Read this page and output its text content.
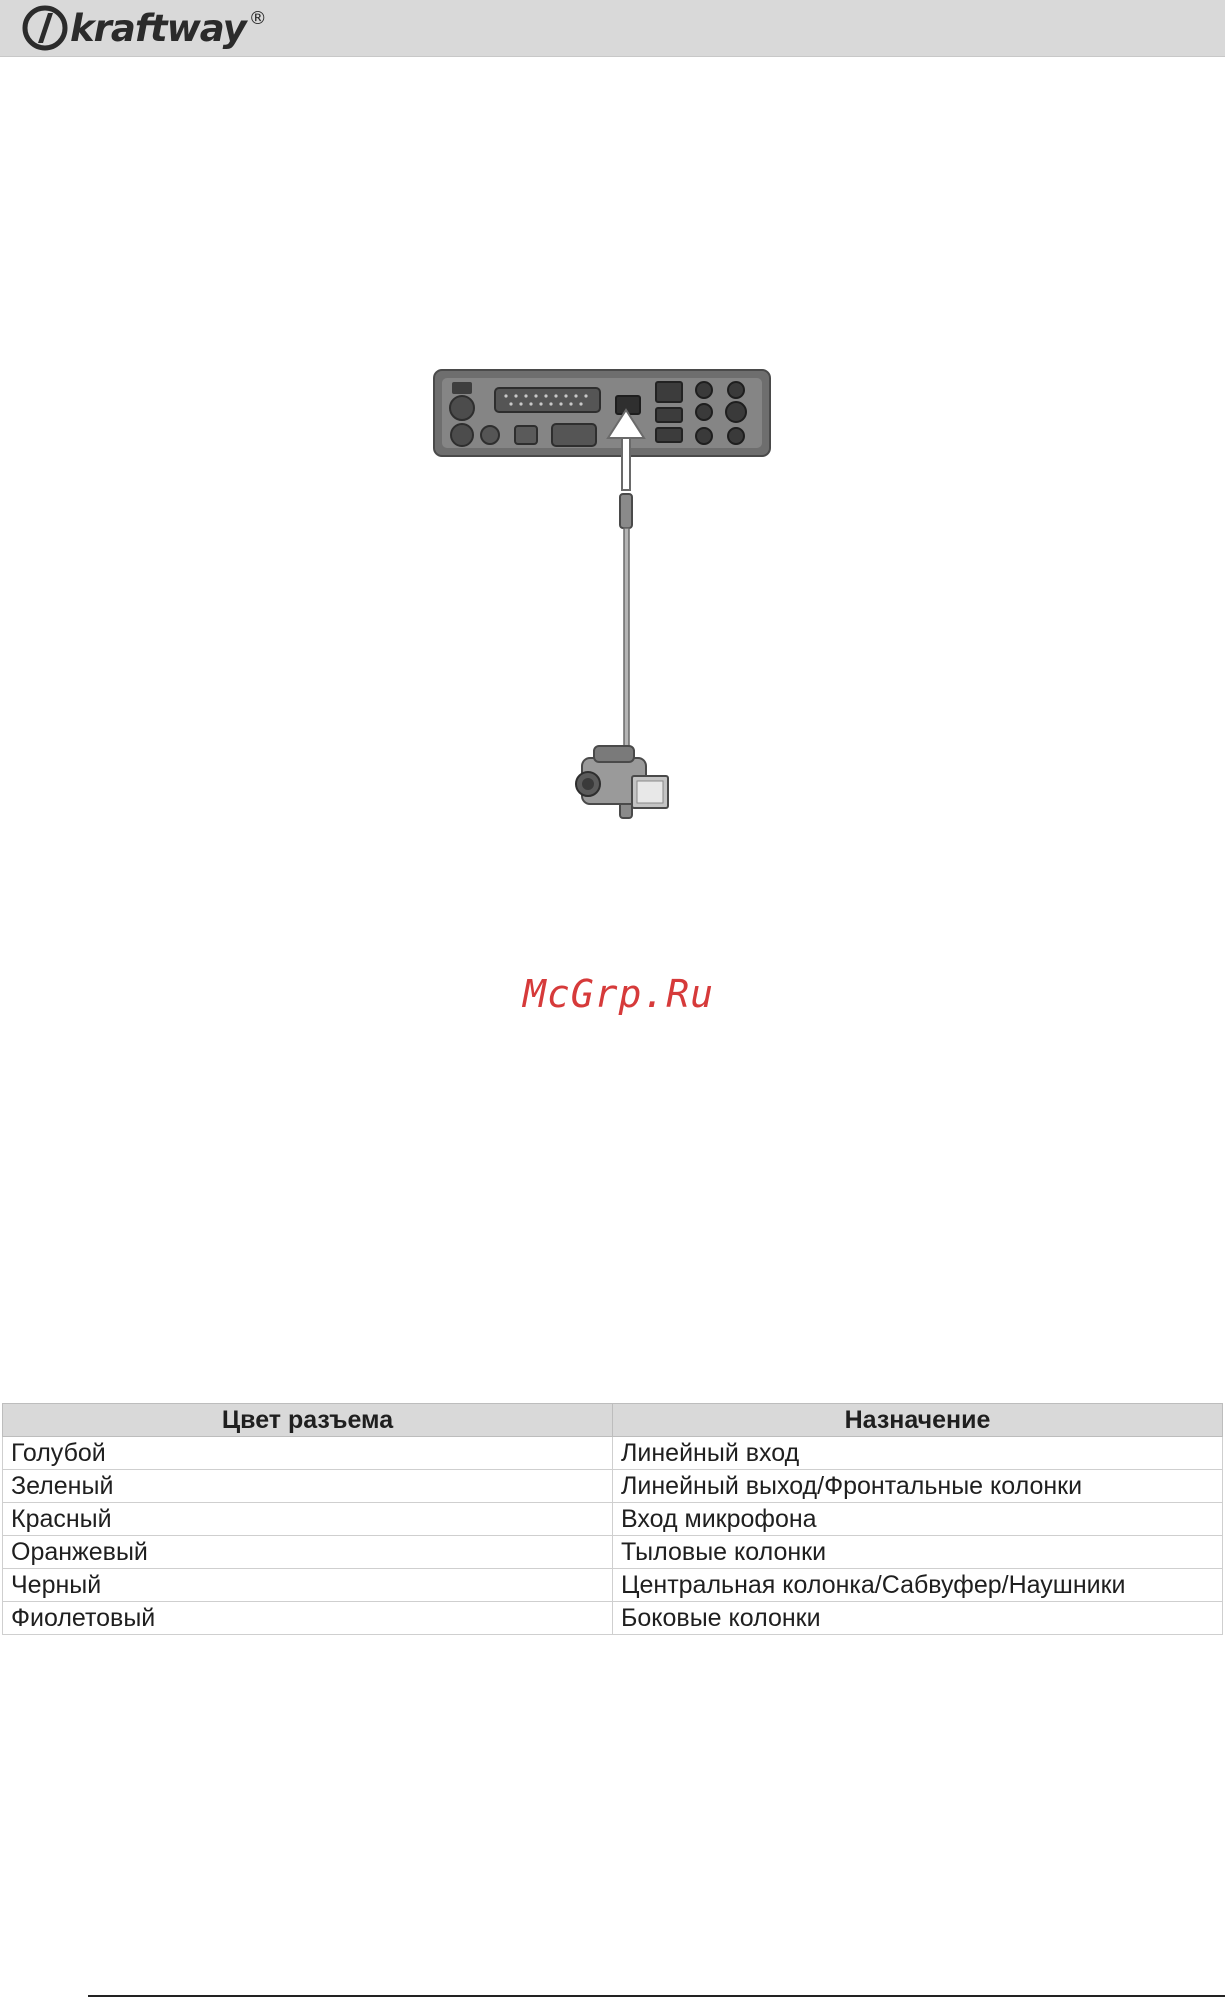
kraftway ®
McGrp.Ru
Цвет разъема	Назначение
Голубой	Линейный вход
Зеленый	Линейный выход/Фронтальные колонки
Красный	Вход микрофона
Оранжевый	Тыловые колонки
Черный	Центральная колонка/Сабвуфер/Наушники
Фиолетовый	Боковые колонки
